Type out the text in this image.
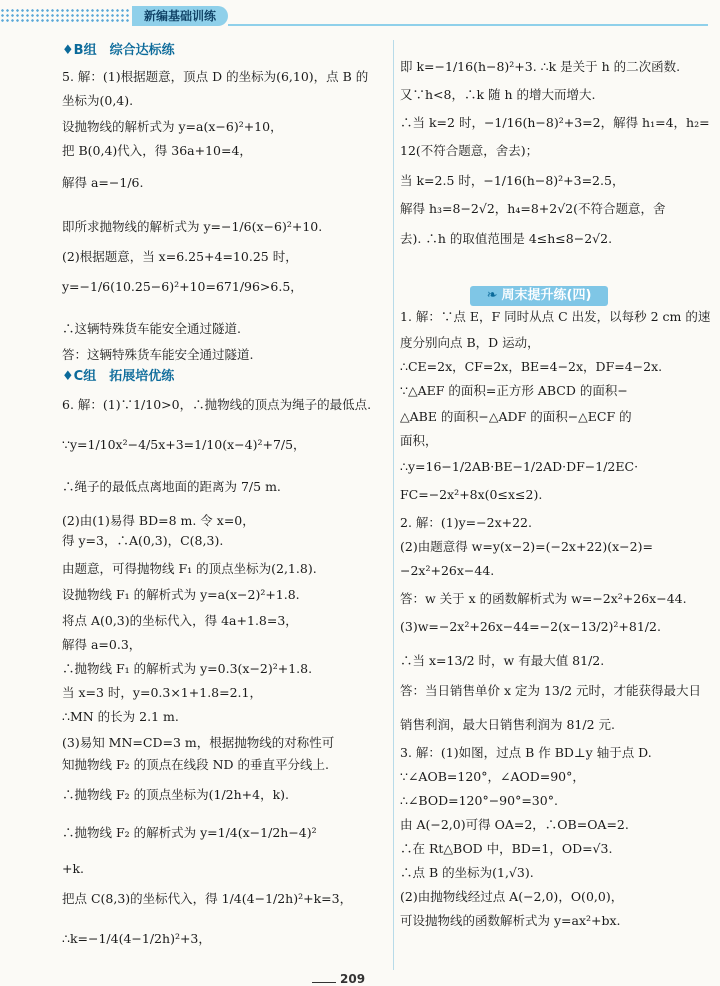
新编基础训练
♦B组　综合达标练
5. 解：(1)根据题意，顶点 D 的坐标为(6,10)，点 B 的
坐标为(0,4).
设抛物线的解析式为 y=a(x−6)²+10，
把 B(0,4)代入，得 36a+10=4，
解得 a=−1/6.
即所求抛物线的解析式为 y=−1/6(x−6)²+10.
(2)根据题意，当 x=6.25+4=10.25 时，
y=−1/6(10.25−6)²+10=671/96>6.5，
∴这辆特殊货车能安全通过隧道.
答：这辆特殊货车能安全通过隧道.
♦C组　拓展培优练
6. 解：(1)∵1/10>0，∴抛物线的顶点为绳子的最低点.
∵y=1/10x²−4/5x+3=1/10(x−4)²+7/5，
∴绳子的最低点离地面的距离为 7/5 m.
(2)由(1)易得 BD=8 m. 令 x=0，
得 y=3，∴A(0,3)，C(8,3).
由题意，可得抛物线 F₁ 的顶点坐标为(2,1.8).
设抛物线 F₁ 的解析式为 y=a(x−2)²+1.8.
将点 A(0,3)的坐标代入，得 4a+1.8=3，
解得 a=0.3，
∴抛物线 F₁ 的解析式为 y=0.3(x−2)²+1.8.
当 x=3 时，y=0.3×1+1.8=2.1，
∴MN 的长为 2.1 m.
(3)易知 MN=CD=3 m，根据抛物线的对称性可
知抛物线 F₂ 的顶点在线段 ND 的垂直平分线上.
∴抛物线 F₂ 的顶点坐标为(1/2h+4，k).
∴抛物线 F₂ 的解析式为 y=1/4(x−1/2h−4)²
+k.
把点 C(8,3)的坐标代入，得 1/4(4−1/2h)²+k=3，
∴k=−1/4(4−1/2h)²+3，
即 k=−1/16(h−8)²+3. ∴k 是关于 h 的二次函数.
又∵h<8，∴k 随 h 的增大而增大.
∴当 k=2 时，−1/16(h−8)²+3=2，解得 h₁=4，h₂=
12(不符合题意，舍去)；
当 k=2.5 时，−1/16(h−8)²+3=2.5，
解得 h₃=8−2√2，h₄=8+2√2(不符合题意，舍
去). ∴h 的取值范围是 4≤h≤8−2√2.
❧ 周末提升练(四)
1. 解：∵点 E，F 同时从点 C 出发，以每秒 2 cm 的速
度分别向点 B，D 运动，
∴CE=2x，CF=2x，BE=4−2x，DF=4−2x.
∵△AEF 的面积=正方形 ABCD 的面积−
△ABE 的面积−△ADF 的面积−△ECF 的
面积，
∴y=16−1/2AB·BE−1/2AD·DF−1/2EC·
FC=−2x²+8x(0≤x≤2).
2. 解：(1)y=−2x+22.
(2)由题意得 w=y(x−2)=(−2x+22)(x−2)=
−2x²+26x−44.
答：w 关于 x 的函数解析式为 w=−2x²+26x−44.
(3)w=−2x²+26x−44=−2(x−13/2)²+81/2.
∴当 x=13/2 时，w 有最大值 81/2.
答：当日销售单价 x 定为 13/2 元时，才能获得最大日
销售利润，最大日销售利润为 81/2 元.
3. 解：(1)如图，过点 B 作 BD⊥y 轴于点 D.
∵∠AOB=120°，∠AOD=90°，
∴∠BOD=120°−90°=30°.
由 A(−2,0)可得 OA=2，∴OB=OA=2.
∴在 Rt△BOD 中，BD=1，OD=√3.
∴点 B 的坐标为(1,√3).
(2)由抛物线经过点 A(−2,0)，O(0,0)，
可设抛物线的函数解析式为 y=ax²+bx.
209
